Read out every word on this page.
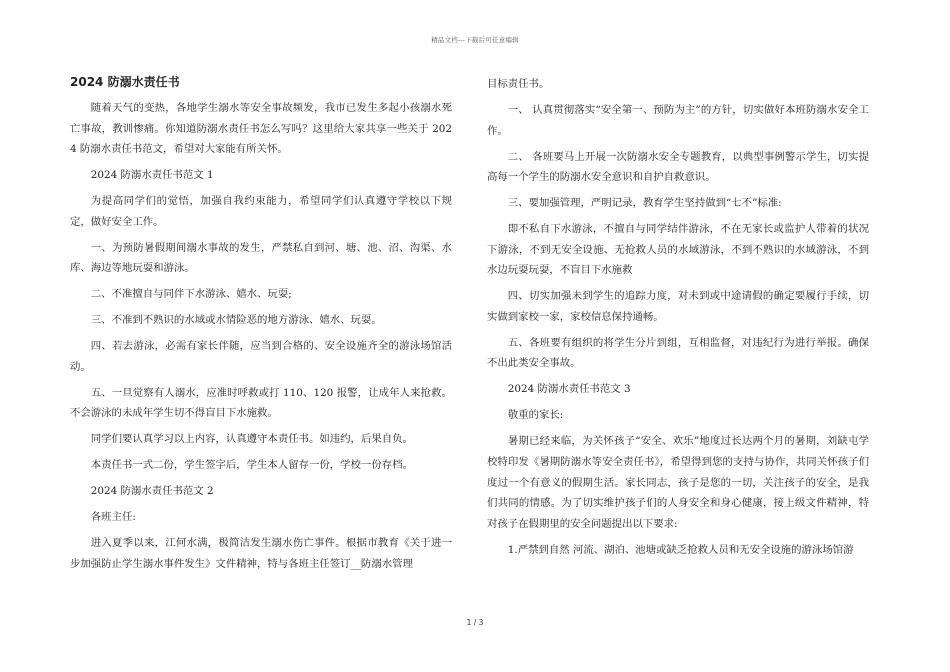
精品文档---下载后可任意编辑
2024 防溺水责任书
随着天气的变热，各地学生溺水等安全事故频发，我市已发生多起小孩溺水死亡事故，教训惨痛。你知道防溺水责任书怎么写吗？这里给大家共享一些关于 2024 防溺水责任书范文，希望对大家能有所关怀。
2024 防溺水责任书范文 1
为提高同学们的觉悟，加强自我约束能力，希望同学们认真遵守学校以下规定，做好安全工作。
一、为预防暑假期间溺水事故的发生，严禁私自到河、塘、池、沼、沟渠、水库、海边等地玩耍和游泳。
二、不准擅自与同伴下水游泳、嬉水、玩耍;
三、不准到不熟识的水域或水情险恶的地方游泳、嬉水、玩耍。
四、若去游泳，必需有家长伴随，应当到合格的、安全设施齐全的游泳场馆活动。
五、一旦觉察有人溺水，应准时呼救或打 110、120 报警，让成年人来抢救。不会游泳的未成年学生切不得盲目下水施救。
同学们要认真学习以上内容，认真遵守本责任书。如违约，后果自负。
本责任书一式二份，学生签字后，学生本人留存一份，学校一份存档。
2024 防溺水责任书范文 2
各班主任:
进入夏季以来，江何水满，极简洁发生溺水伤亡事件。根据市教育《关于进一步加强防止学生溺水事件发生》文件精神，特与各班主任签订__防溺水管理
目标责任书。
一、 认真贯彻落实“安全第一、预防为主”的方针，切实做好本班防溺水安全工作。
二、 各班要马上开展一次防溺水安全专题教育，以典型事例警示学生，切实提高每一个学生的防溺水安全意识和自护自救意识。
三、要加强管理，严明记录，教育学生坚持做到“七不”标准:
即不私自下水游泳，不擅自与同学结伴游泳，不在无家长或监护人带着的状况下游泳，不到无安全设施、无抢救人员的水域游泳，不到不熟识的水域游泳，不到水边玩耍玩耍，不盲目下水施救
四、切实加强未到学生的追踪力度，对未到或中途请假的确定要履行手续，切实做到家校一家，家校信息保持通畅。
五、各班要有组织的将学生分片到组，互相监督，对违纪行为进行举报。确保不出此类安全事故。
2024 防溺水责任书范文 3
敬重的家长:
暑期已经来临，为关怀孩子“安全、欢乐”地度过长达两个月的暑期，刘缺屯学校特印发《暑期防溺水等安全责任书》，希望得到您的支持与协作，共同关怀孩子们度过一个有意义的假期生活。家长同志，孩子是您的一切，关注孩子的安全，是我们共同的情感。为了切实维护孩子们的人身安全和身心健康，接上级文件精神，特对孩子在假期里的安全问题提出以下要求:
1.严禁到自然 河流、湖泊、池塘或缺乏抢救人员和无安全设施的游泳场馆游
1 / 3
